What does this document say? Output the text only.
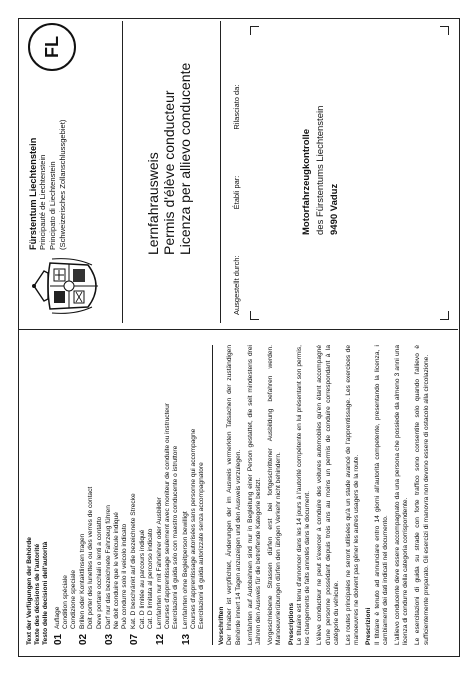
Text der Verfügungen der Behörde Texte des décisions de l'autorité Testo delle decisioni dell'autorità 01
Auflage Condition spéciale Condizione speciale
02
Brillen oder Kontaktlinsen tragen Doit porter des lunettes ou des verres de contact Deve portare occhiali o lenti a contatto
03
Darf nur das bezeichnete Fahrzeug führen Ne doit conduire que le véhicule indiqué Può condurre solo il veicolo indicato
07
Kat. D beschränkt auf die bezeichnete Strecke Cat. D limitée au parcours indiqué Cat. D limitata al percorso indicato
12
Lernfahrten nur mit Fahrlehrer oder Ausbilder Courses d'apprentissage seulement avec moniteur de conduite ou instructeur Esercitazioni di guida solo con maestro conducente o istruttore
13
Lernfahrten ohne Begleitperson bewilligt Courses d'apprentissage autorisées sans personne qui accompagne Esercitazioni di guida autorizzate senza accompagnatore Vorschriften Der Inhaber ist verpflichtet, Änderungen der im Ausweis vermerkten Tatsachen der zuständigen Behörde innert 14 Tagen anzuzeigen und den Ausweis vorzulegen. Lernfahrten auf Autobahnen sind nur in Begleitung einer Person gestattet, die seit mindestens drei Jahren den Ausweis für die betreffende Kategorie besitzt. Vorgeschriebene Strassen dürfen erst bei fortgeschrittener Ausbildung befahren werden. Manoeuvrierübungen dürfen den übrigen Verkehr nicht behindern. Prescriptions Le titulaire est tenu d'annoncer dans les 14 jours à l'autorité compétente en lui présentant son permis, les changements de faits annotés dans le document. L'élève conducteur ne peut s'exercer à conduire des voitures automobiles qu'en étant accompagné d'une personne possédant depuis trois ans au moins un permis de conduire correspondant à la catégorie du véhicule. Les routes principales ne seront utilisées qu'à un stade avancé de l'apprentissage. Les exercices de manoeuvres ne doivent pas gêner les autres usagers de la route. Prescrizioni Il titolare è tenuto ad annunciare entro 14 giorni all'autorità competente, presentando la licenza, i cambiamenti dei dati indicati nel documento. L'allievo conducente deve essere accompagnato da una persona che possiede da almeno 3 anni una licenza di condurre della categoria corrispondente. Le esercitazioni di guida su strade con forte traffico sono consentite solo quando l'allievo è sufficientemente preparato. Gli esercizi di manovra non devono essere di ostacolo alla circolazione.
Fürstentum Liechtenstein Principauté de Liechtenstein Principato di Liechtenstein (Schweizerisches Zollanschlussgebiet)
FL
Lernfahrausweis Permis d'élève conducteur Licenza per allievo conducente
Ausgestellt durch:
Établi par:
Rilasciato da:
Motorfahrzeugkontrolle des Fürstentums Liechtenstein 9490 Vaduz
